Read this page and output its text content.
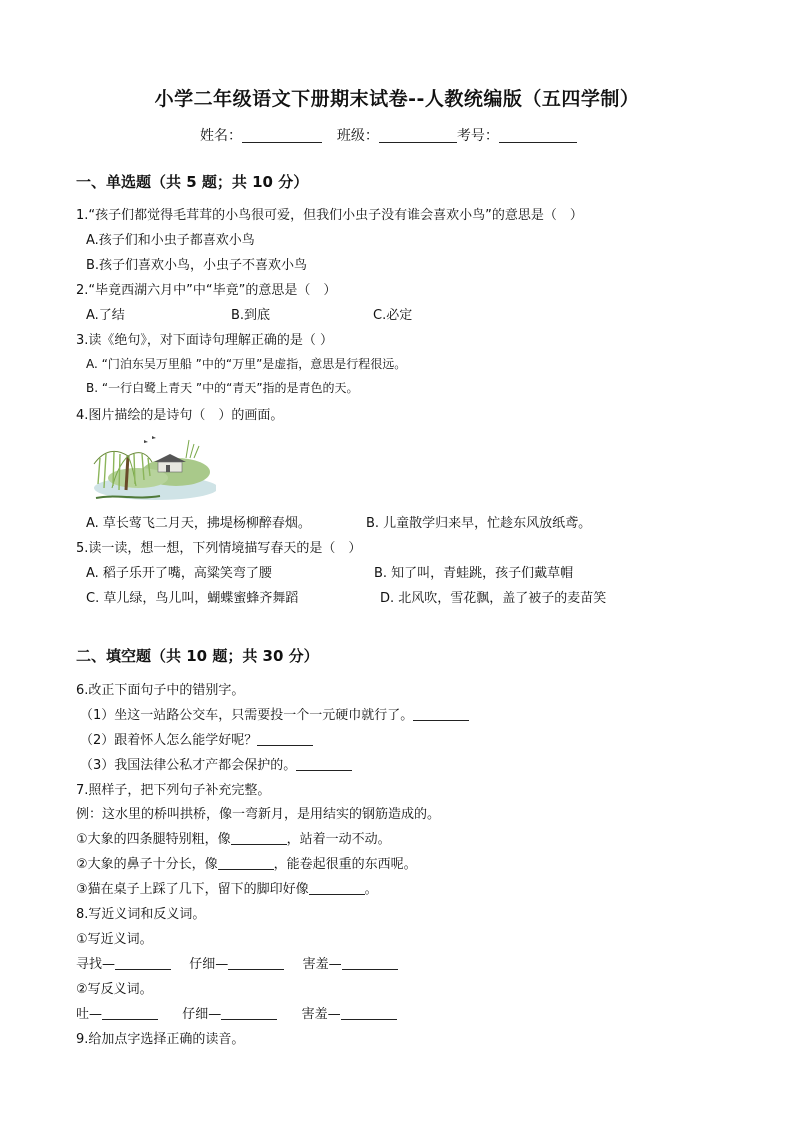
小学二年级语文下册期末试卷--人教统编版（五四学制）
姓名：	班级：	考号：
一、单选题（共 5 题；共 10 分）
1.“孩子们都觉得毛茸茸的小鸟很可爱，但我们小虫子没有谁会喜欢小鸟”的意思是（　）
A.孩子们和小虫子都喜欢小鸟
B.孩子们喜欢小鸟，小虫子不喜欢小鸟
2.“毕竟西湖六月中”中“毕竟”的意思是（　）
A.了结	B.到底	C.必定
3.读《绝句》，对下面诗句理解正确的是（ ）
A. “门泊东吴万里船 ”中的“万里”是虚指，意思是行程很远。
B. “一行白鹭上青天 ”中的“青天”指的是青色的天。
4.图片描绘的是诗句（　）的画面。
A. 草长莺飞二月天，拂堤杨柳醉春烟。	B. 儿童散学归来早，忙趁东风放纸鸢。
5.读一读，想一想，下列情境描写春天的是（　）
A. 稻子乐开了嘴，高粱笑弯了腰	B. 知了叫，青蛙跳，孩子们戴草帽
C. 草儿绿，鸟儿叫，蝴蝶蜜蜂齐舞蹈	D. 北风吹，雪花飘，盖了被子的麦苗笑
二、填空题（共 10 题；共 30 分）
6.改正下面句子中的错别字。
（1）坐这一站路公交车，只需要投一个一元硬巾就行了。
（2）跟着怀人怎么能学好呢？
（3）我国法律公私才产都会保护的。
7.照样子，把下列句子补充完整。
例：这水里的桥叫拱桥，像一弯新月，是用结实的钢筋造成的。
①大象的四条腿特别粗，像	，站着一动不动。
②大象的鼻子十分长，像	，能卷起很重的东西呢。
③猫在桌子上踩了几下，留下的脚印好像	。
8.写近义词和反义词。
①写近义词。
寻找—	仔细—	害羞—
②写反义词。
吐—	仔细—	害羞—
9.给加点字选择正确的读音。
